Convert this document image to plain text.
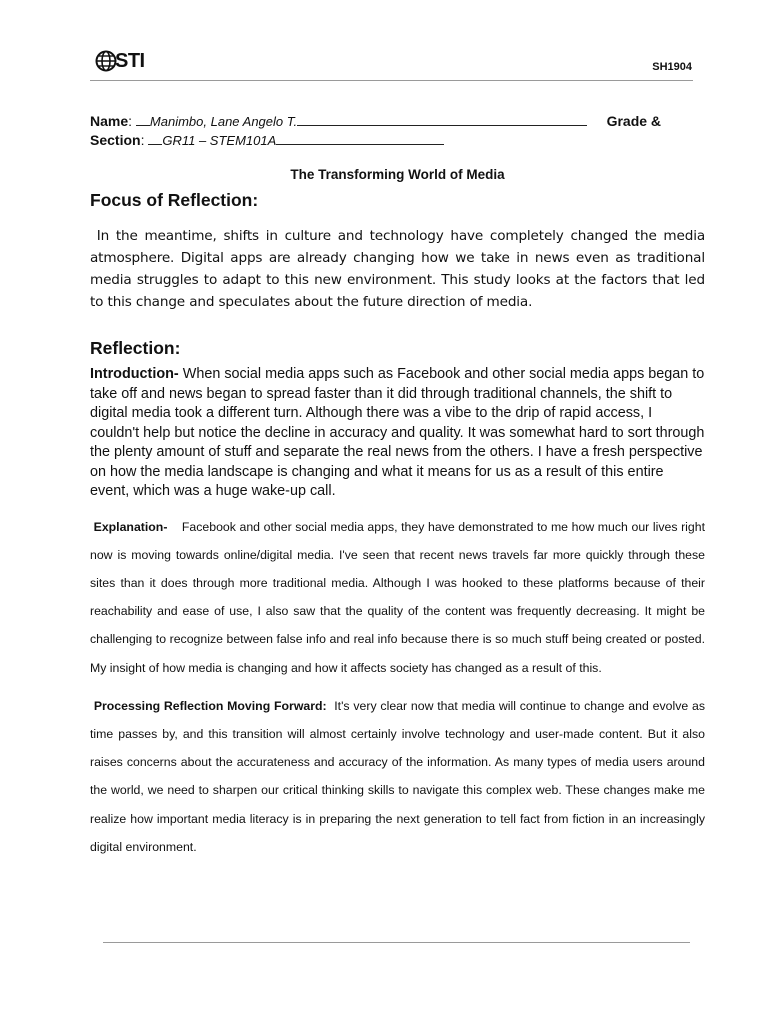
STI	SH1904
Name: Manimbo, Lane Angelo T.	Grade &
Section: GR11 – STEM101A
The Transforming World of Media
Focus of Reflection:
In the meantime, shifts in culture and technology have completely changed the media atmosphere. Digital apps are already changing how we take in news even as traditional media struggles to adapt to this new environment. This study looks at the factors that led to this change and speculates about the future direction of media.
Reflection:
Introduction- When social media apps such as Facebook and other social media apps began to take off and news began to spread faster than it did through traditional channels, the shift to digital media took a different turn. Although there was a vibe to the drip of rapid access, I couldn't help but notice the decline in accuracy and quality. It was somewhat hard to sort through the plenty amount of stuff and separate the real news from the others. I have a fresh perspective on how the media landscape is changing and what it means for us as a result of this entire event, which was a huge wake-up call.
Explanation- Facebook and other social media apps, they have demonstrated to me how much our lives right now is moving towards online/digital media. I've seen that recent news travels far more quickly through these sites than it does through more traditional media. Although I was hooked to these platforms because of their reachability and ease of use, I also saw that the quality of the content was frequently decreasing. It might be challenging to recognize between false info and real info because there is so much stuff being created or posted. My insight of how media is changing and how it affects society has changed as a result of this.
Processing Reflection Moving Forward: It's very clear now that media will continue to change and evolve as time passes by, and this transition will almost certainly involve technology and user-made content. But it also raises concerns about the accurateness and accuracy of the information. As many types of media users around the world, we need to sharpen our critical thinking skills to navigate this complex web. These changes make me realize how important media literacy is in preparing the next generation to tell fact from fiction in an increasingly digital environment.
